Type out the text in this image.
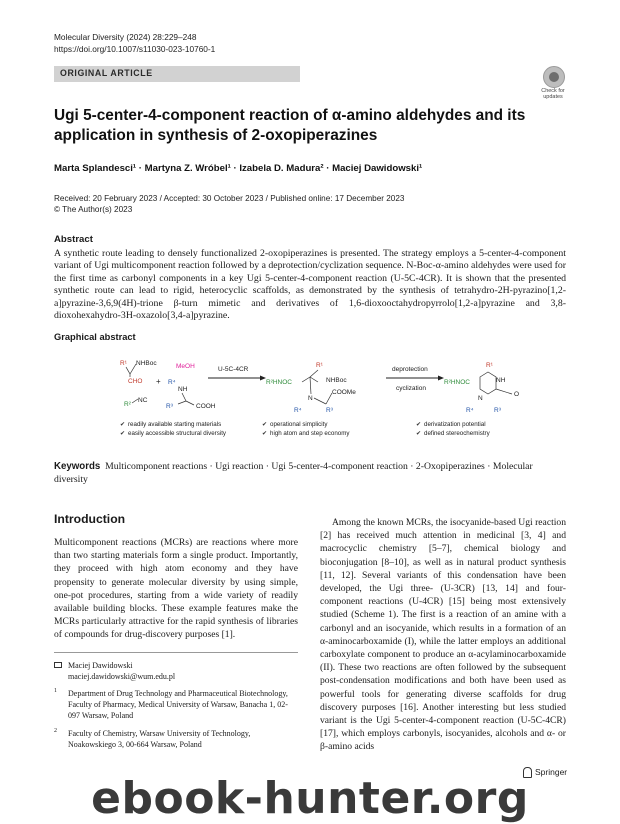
Molecular Diversity (2024) 28:229–248
https://doi.org/10.1007/s11030-023-10760-1
ORIGINAL ARTICLE
Check for updates
Ugi 5-center-4-component reaction of α-amino aldehydes and its application in synthesis of 2-oxopiperazines
Marta Splandesci¹ · Martyna Z. Wróbel¹ · Izabela D. Madura² · Maciej Dawidowski¹
Received: 20 February 2023 / Accepted: 30 October 2023 / Published online: 17 December 2023
© The Author(s) 2023
Abstract
A synthetic route leading to densely functionalized 2-oxopiperazines is presented. The strategy employs a 5-center-4-component variant of Ugi multicomponent reaction followed by a deprotection/cyclization sequence. N-Boc-α-amino aldehydes were used for the first time as carbonyl components in a key Ugi 5-center-4-component reaction (U-5C-4CR). It is shown that the presented synthetic route can lead to rigid, heterocyclic scaffolds, as demonstrated by the synthesis of tetrahydro-2H-pyrazino[1,2-a]pyrazine-3,6,9(4H)-trione β-turn mimetic and derivatives of 1,6-dioxooctahydropyrrolo[1,2-a]pyrazine and 3,8-dioxohexahydro-3H-oxazolo[3,4-a]pyrazine.
Graphical abstract
R¹ NHBoc
CHO +
MeOH
R⁴
NH
R³	COOH
R²
NC
U-5C-4CR
R¹
NHBoc
R²HNOC
N
COOMe
R⁴	R³
deprotection
cyclization
R¹
NH
R²HNOC
N
O
R⁴	R³
✔ readily available starting materials
✔ easily accessible structural diversity
✔ operational simplicity
✔ high atom and step economy
✔ derivatization potential
✔ defined stereochemistry
Keywords Multicomponent reactions · Ugi reaction · Ugi 5-center-4-component reaction · 2-Oxopiperazines · Molecular diversity
Introduction
Multicomponent reactions (MCRs) are reactions where more than two starting materials form a single product. Importantly, they proceed with high atom economy and they have propensity to generate molecular diversity by using simple, one-pot procedures, starting from a wide variety of readily available building blocks. These example features make the MCRs particularly attractive for the rapid synthesis of libraries of compounds for drug-discovery purposes [1].
Maciej Dawidowski
maciej.dawidowski@wum.edu.pl
1 Department of Drug Technology and Pharmaceutical Biotechnology, Faculty of Pharmacy, Medical University of Warsaw, Banacha 1, 02-097 Warsaw, Poland
2 Faculty of Chemistry, Warsaw University of Technology, Noakowskiego 3, 00-664 Warsaw, Poland
Among the known MCRs, the isocyanide-based Ugi reaction [2] has received much attention in medicinal [3, 4] and macrocyclic chemistry [5–7], chemical biology and bioconjugation [8–10], as well as in natural product synthesis [11, 12]. Several variants of this condensation have been developed, the Ugi three- (U-3CR) [13, 14] and four-component reactions (U-4CR) [15] being most extensively studied (Scheme 1). The first is a reaction of an amine with a carbonyl and an isocyanide, which results in a formation of an α-aminocarboxamide (I), while the latter employs an additional carboxylate component to produce an α-acylaminocarboxamide (II). These two reactions are often followed by the subsequent post-condensation modifications and both have been used as powerful tools for generating diverse scaffolds for drug discovery purposes [16]. Another interesting but less studied variant is the Ugi 5-center-4-component reaction (U-5C-4CR) [17], which employs carbonyls, isocyanides, alcohols and α- or β-amino acids
Springer
ebook-hunter.org
